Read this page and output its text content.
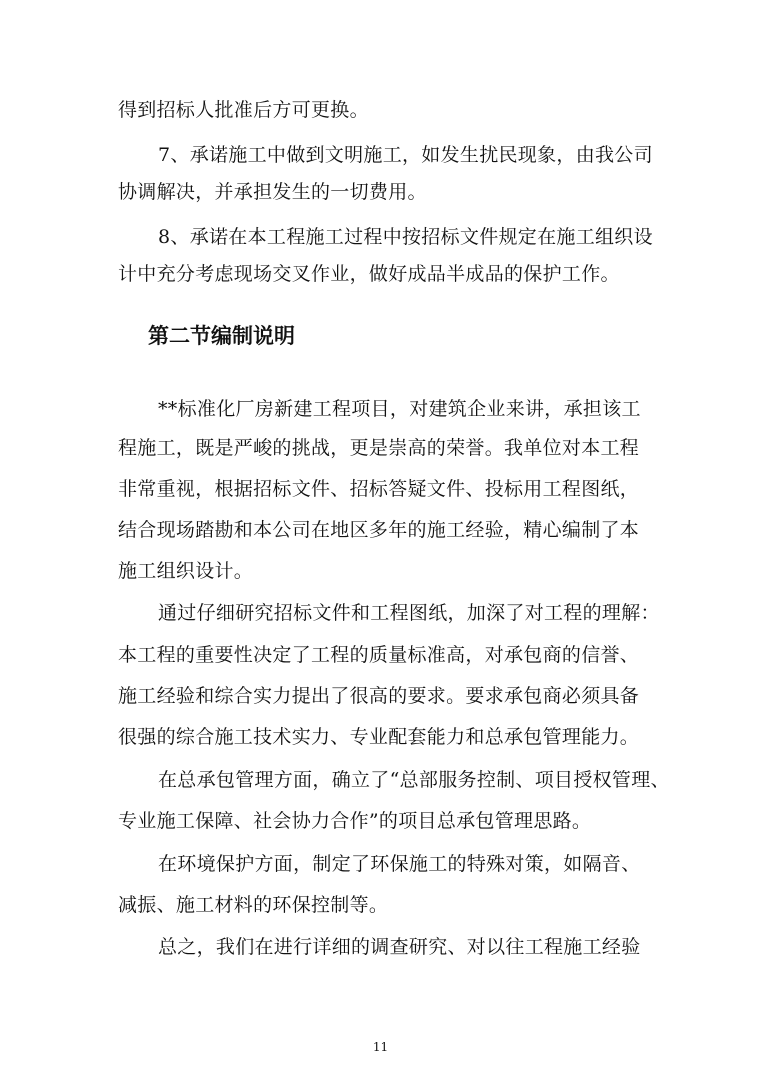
得到招标人批准后方可更换。
7、承诺施工中做到文明施工，如发生扰民现象，由我公司
协调解决，并承担发生的一切费用。
8、承诺在本工程施工过程中按招标文件规定在施工组织设
计中充分考虑现场交叉作业，做好成品半成品的保护工作。
第二节编制说明
**标准化厂房新建工程项目，对建筑企业来讲，承担该工
程施工，既是严峻的挑战，更是崇高的荣誉。我单位对本工程
非常重视，根据招标文件、招标答疑文件、投标用工程图纸，
结合现场踏勘和本公司在地区多年的施工经验，精心编制了本
施工组织设计。
通过仔细研究招标文件和工程图纸，加深了对工程的理解：
本工程的重要性决定了工程的质量标准高，对承包商的信誉、
施工经验和综合实力提出了很高的要求。要求承包商必须具备
很强的综合施工技术实力、专业配套能力和总承包管理能力。
在总承包管理方面，确立了“总部服务控制、项目授权管理、
专业施工保障、社会协力合作”的项目总承包管理思路。
在环境保护方面，制定了环保施工的特殊对策，如隔音、
减振、施工材料的环保控制等。
总之，我们在进行详细的调查研究、对以往工程施工经验
11
